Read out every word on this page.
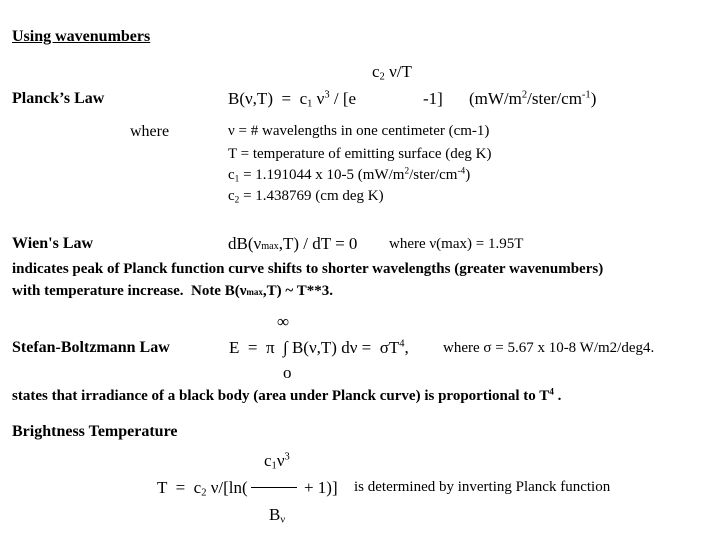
Using wavenumbers
$c_2$ ν/T
Planck’s Law	$B(\nu,T) = c_1$ $\nu^3 / [e$	-1] $(mW/m^2/ster/cm^{-1})$
where	ν = # wavelengths in one centimeter (cm-1)
T = temperature of emitting surface (deg K)
$c_1 = 1.191044$ x 10-5 $(mW/m^2/ster/cm^{-4})$
$c_2 = 1.438769$ (cm deg K)
Wien's Law	dB(νmax,T) / dT = 0 where ν(max) = 1.95T
indicates peak of Planck function curve shifts to shorter wavelengths (greater wavenumbers)
with temperature increase.  Note B(νmax,T) ~ T**3.
∞
Stefan-Boltzmann Law	E  =  π  ∫ B(ν,T) $d\nu = \sigma T^4$, where σ = 5.67 x 10-8 W/m2/deg4.
o
states that irradiance of a black body (area under Planck curve) is proportional to $T^4$ .
Brightness Temperature
$c_1\nu^3$
$T = c_2$ ν/[ln(	+ 1)] is determined by inverting Planck function
$B_\nu$
